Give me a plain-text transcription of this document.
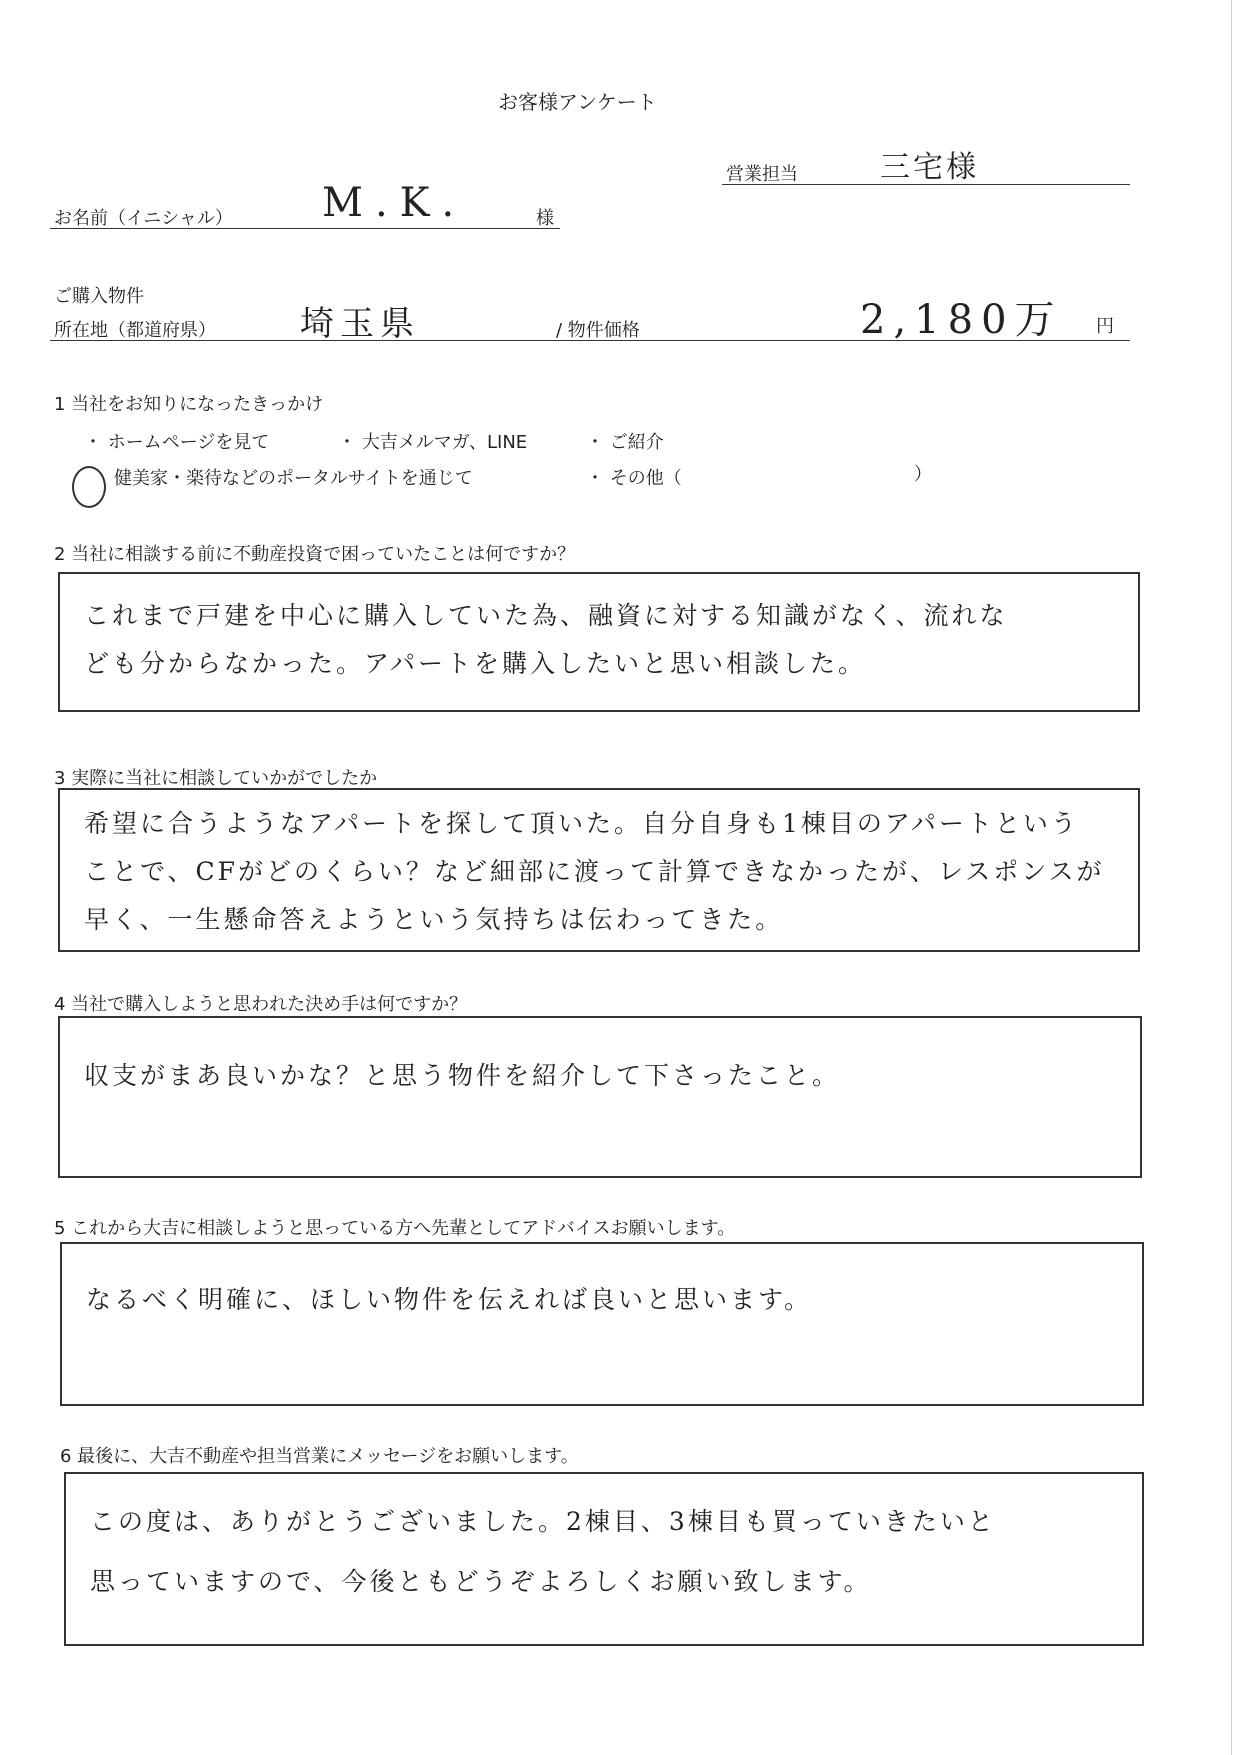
お客様アンケート
営業担当	三宅様
お名前（イニシャル） M.K.	様
ご購入物件
所在地（都道府県） 埼玉県	/ 物件価格	2,180万 円
1 当社をお知りになったきっかけ
・ ホームページを見て	・ 大吉メルマガ、LINE	・ ご紹介
健美家・楽待などのポータルサイトを通じて	・ その他（	）
2 当社に相談する前に不動産投資で困っていたことは何ですか？
これまで戸建を中心に購入していた為、融資に対する知識がなく、流れな
ども分からなかった。アパートを購入したいと思い相談した。
3 実際に当社に相談していかがでしたか
希望に合うようなアパートを探して頂いた。自分自身も1棟目のアパートという
ことで、CFがどのくらい？など細部に渡って計算できなかったが、レスポンスが
早く、一生懸命答えようという気持ちは伝わってきた。
4 当社で購入しようと思われた決め手は何ですか？
収支がまあ良いかな？と思う物件を紹介して下さったこと。
5 これから大吉に相談しようと思っている方へ先輩としてアドバイスお願いします。
なるべく明確に、ほしい物件を伝えれば良いと思います。
6 最後に、大吉不動産や担当営業にメッセージをお願いします。
この度は、ありがとうございました。2棟目、3棟目も買っていきたいと
思っていますので、今後ともどうぞよろしくお願い致します。
